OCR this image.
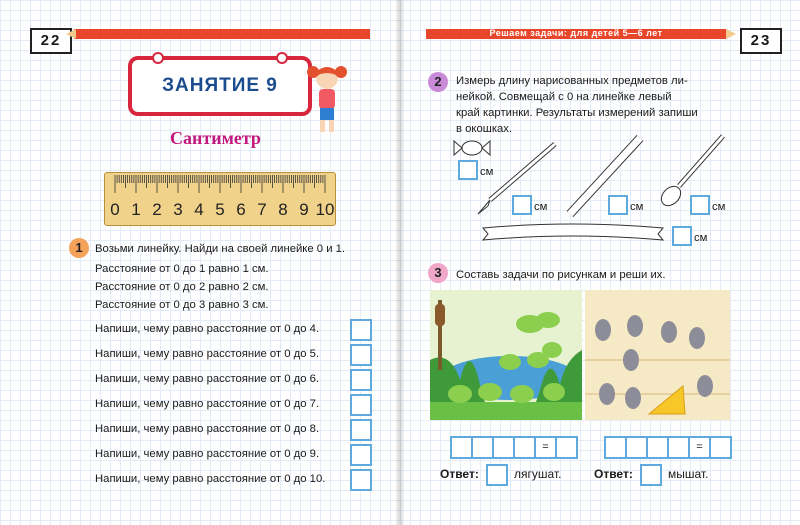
22
ЗАНЯТИЕ 9
Сантиметр
0 1 2 3 4 5 6 7 8 9 10
1	Возьми линейку. Найди на своей линейке 0 и 1.
Расстояние от 0 до 1 равно 1 см.
Расстояние от 0 до 2 равно 2 см.
Расстояние от 0 до 3 равно 3 см.
Напиши, чему равно расстояние от 0 до 4.
Напиши, чему равно расстояние от 0 до 5.
Напиши, чему равно расстояние от 0 до 6.
Напиши, чему равно расстояние от 0 до 7.
Напиши, чему равно расстояние от 0 до 8.
Напиши, чему равно расстояние от 0 до 9.
Напиши, чему равно расстояние от 0 до 10.
Решаем задачи: для детей 5—6 лет	23
2	Измерь длину нарисованных предметов ли-
нейкой. Совмещай с 0 на линейке левый
край картинки. Результаты измерений запиши
в окошках.
см
см	см	см
см
3	Составь задачи по рисункам и реши их.
=	=
Ответ:	лягушат.	Ответ:	мышат.
